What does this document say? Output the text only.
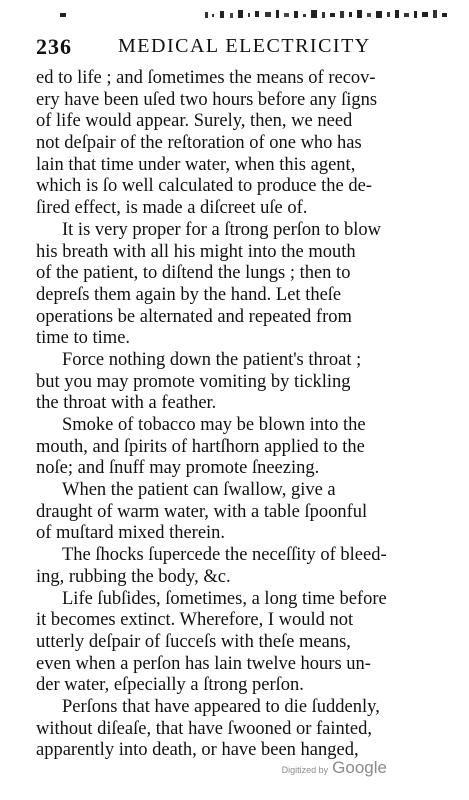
236 MEDICAL ELECTRICITY
ed to life ; and ſometimes the means of recov-
ery have been uſed two hours before any ſigns
of life would appear. Surely, then, we need
not deſpair of the reſtoration of one who has
lain that time under water, when this agent,
which is ſo well calculated to produce the de-
ſired effect, is made a diſcreet uſe of.
It is very proper for a ſtrong perſon to blow
his breath with all his might into the mouth
of the patient, to diſtend the lungs ; then to
depreſs them again by the hand. Let theſe
operations be alternated and repeated from
time to time.
Force nothing down the patient's throat ;
but you may promote vomiting by tickling
the throat with a feather.
Smoke of tobacco may be blown into the
mouth, and ſpirits of hartſhorn applied to the
noſe; and ſnuff may promote ſneezing.
When the patient can ſwallow, give a
draught of warm water, with a table ſpoonful
of muſtard mixed therein.
The ſhocks ſupercede the neceſſity of bleed-
ing, rubbing the body, &c.
Life ſubſides, ſometimes, a long time before
it becomes extinct. Wherefore, I would not
utterly deſpair of ſucceſs with theſe means,
even when a perſon has lain twelve hours un-
der water, eſpecially a ſtrong perſon.
Perſons that have appeared to die ſuddenly,
without diſeaſe, that have ſwooned or fainted,
apparently into death, or have been hanged,
Digitized by Google
